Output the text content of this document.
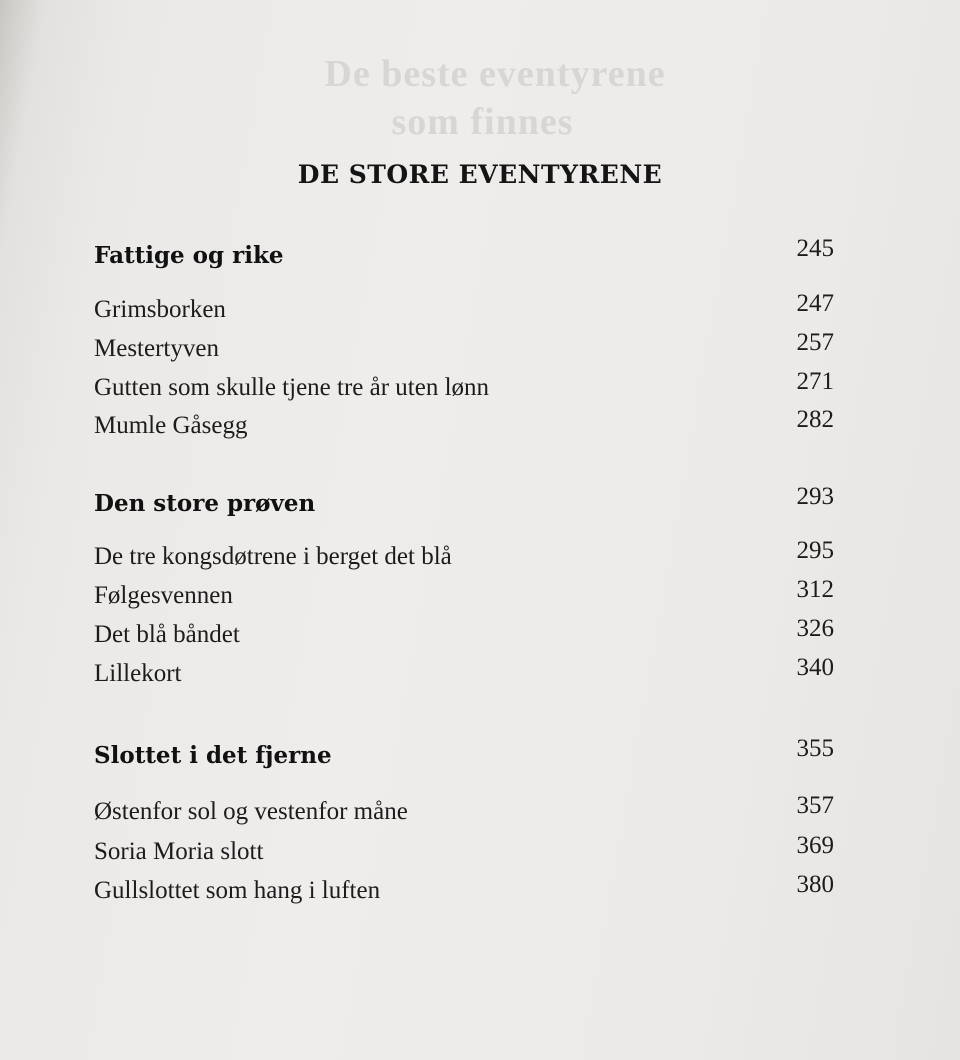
De beste eventyrene
som finnes
DE STORE EVENTYRENE
Fattige og rike	245
Grimsborken	247
Mestertyven	257
Gutten som skulle tjene tre år uten lønn	271
Mumle Gåsegg	282
Den store prøven	293
De tre kongsdøtrene i berget det blå	295
Følgesvennen	312
Det blå båndet	326
Lillekort	340
Slottet i det fjerne	355
Østenfor sol og vestenfor måne	357
Soria Moria slott	369
Gullslottet som hang i luften	380
